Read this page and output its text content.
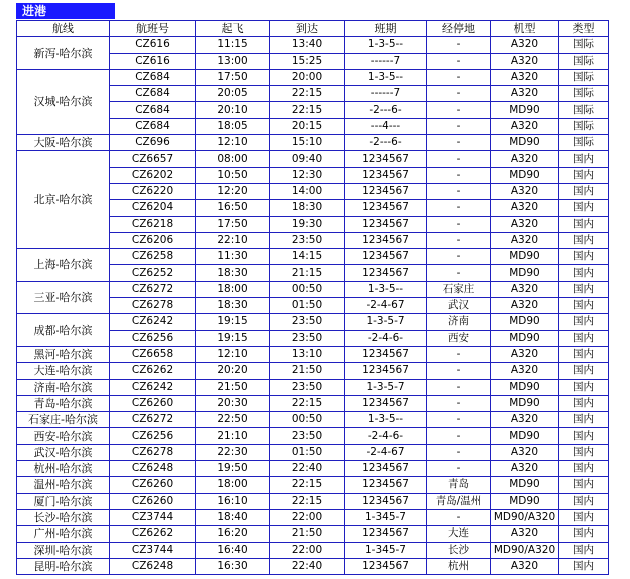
进港
航线	航班号	起飞	到达	班期	经停地	机型	类型
新泻-哈尔滨	CZ616	11:15	13:40	1-3-5--	-	A320	国际
	CZ616	13:00	15:25	------7	-	A320	国际
汉城-哈尔滨	CZ684	17:50	20:00	1-3-5--	-	A320	国际
	CZ684	20:05	22:15	------7	-	A320	国际
	CZ684	20:10	22:15	-2---6-	-	MD90	国际
	CZ684	18:05	20:15	---4---	-	A320	国际
大阪-哈尔滨	CZ696	12:10	15:10	-2---6-	-	MD90	国际
北京-哈尔滨	CZ6657	08:00	09:40	1234567	-	A320	国内
	CZ6202	10:50	12:30	1234567	-	MD90	国内
	CZ6220	12:20	14:00	1234567	-	A320	国内
	CZ6204	16:50	18:30	1234567	-	A320	国内
	CZ6218	17:50	19:30	1234567	-	A320	国内
	CZ6206	22:10	23:50	1234567	-	A320	国内
上海-哈尔滨	CZ6258	11:30	14:15	1234567	-	MD90	国内
	CZ6252	18:30	21:15	1234567	-	MD90	国内
三亚-哈尔滨	CZ6272	18:00	00:50	1-3-5--	石家庄	A320	国内
	CZ6278	18:30	01:50	-2-4-67	武汉	A320	国内
成都-哈尔滨	CZ6242	19:15	23:50	1-3-5-7	济南	MD90	国内
	CZ6256	19:15	23:50	-2-4-6-	西安	MD90	国内
黑河-哈尔滨	CZ6658	12:10	13:10	1234567	-	A320	国内
大连-哈尔滨	CZ6262	20:20	21:50	1234567	-	A320	国内
济南-哈尔滨	CZ6242	21:50	23:50	1-3-5-7	-	MD90	国内
青岛-哈尔滨	CZ6260	20:30	22:15	1234567	-	MD90	国内
石家庄-哈尔滨	CZ6272	22:50	00:50	1-3-5--	-	A320	国内
西安-哈尔滨	CZ6256	21:10	23:50	-2-4-6-	-	MD90	国内
武汉-哈尔滨	CZ6278	22:30	01:50	-2-4-67	-	A320	国内
杭州-哈尔滨	CZ6248	19:50	22:40	1234567	-	A320	国内
温州-哈尔滨	CZ6260	18:00	22:15	1234567	青岛	MD90	国内
厦门-哈尔滨	CZ6260	16:10	22:15	1234567	青岛/温州	MD90	国内
长沙-哈尔滨	CZ3744	18:40	22:00	1-345-7	-	MD90/A320	国内
广州-哈尔滨	CZ6262	16:20	21:50	1234567	大连	A320	国内
深圳-哈尔滨	CZ3744	16:40	22:00	1-345-7	长沙	MD90/A320	国内
昆明-哈尔滨	CZ6248	16:30	22:40	1234567	杭州	A320	国内
